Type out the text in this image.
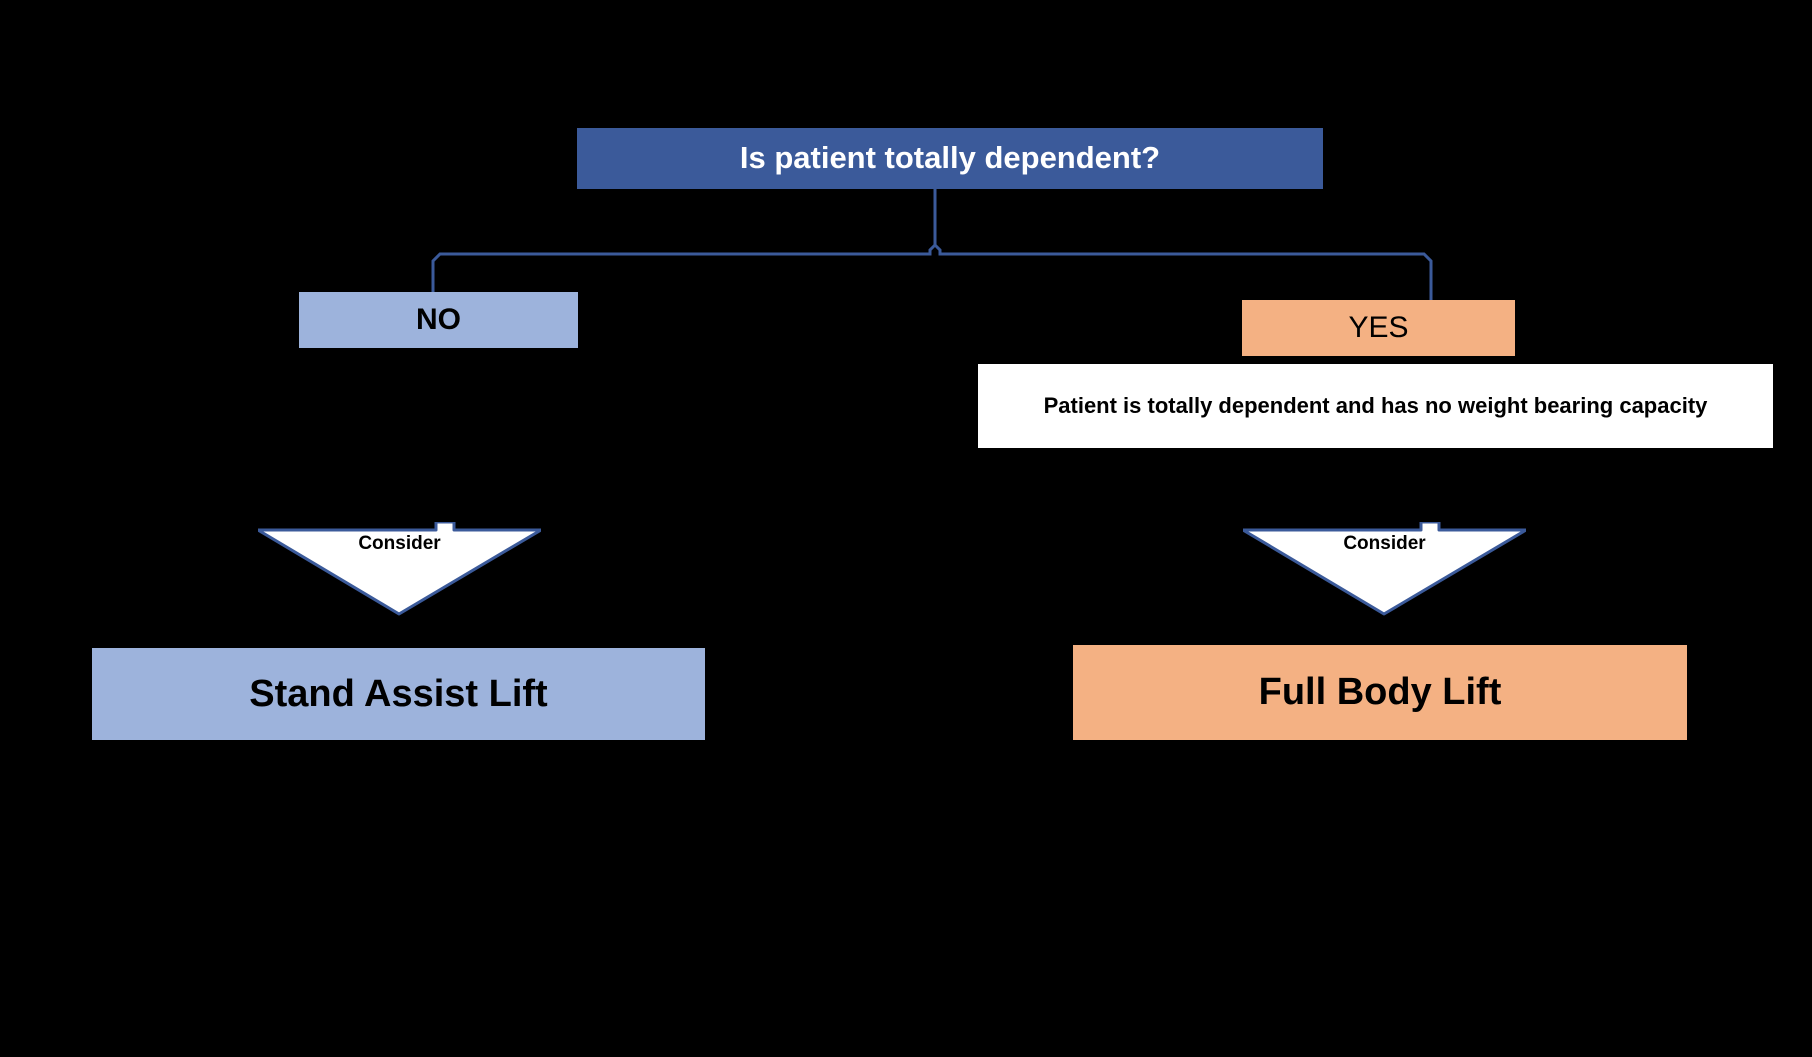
Is patient totally dependent?
NO	YES
Patient is totally dependent and has no weight bearing capacity
Consider	Consider
Stand Assist Lift	Full Body Lift
